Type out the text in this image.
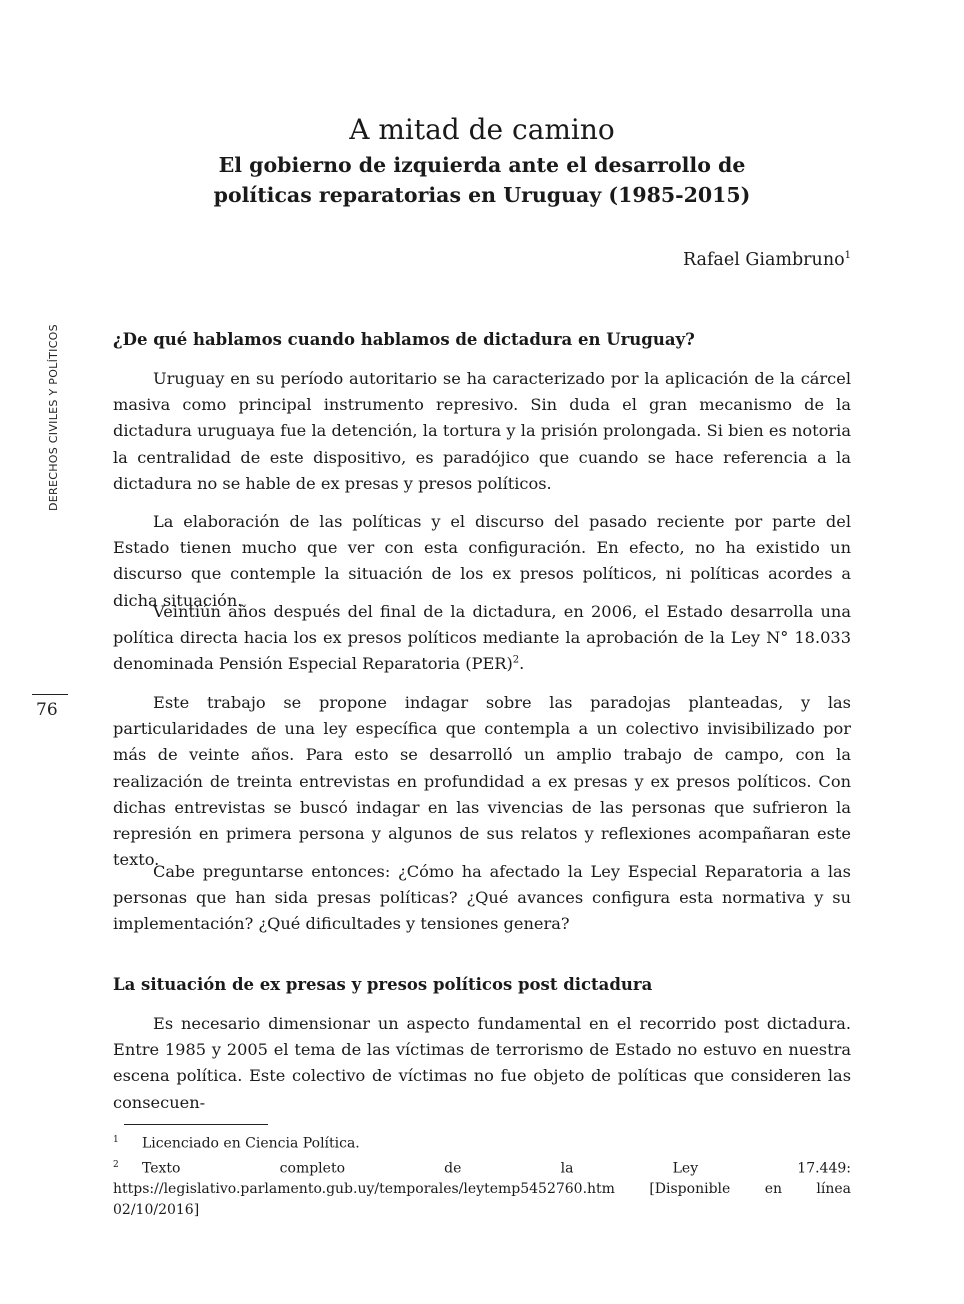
DERECHOS CIVILES Y POLÍTICOS
76
A mitad de camino
El gobierno de izquierda ante el desarrollo de
políticas reparatorias en Uruguay (1985-2015)
Rafael Giambruno$^1$

¿De qué hablamos cuando hablamos de dictadura en Uruguay?

Uruguay en su período autoritario se ha caracterizado por la aplicación de la cárcel masiva como principal instrumento represivo. Sin duda el gran mecanismo de la dictadura uruguaya fue la detención, la tortura y la prisión prolongada. Si bien es notoria la centralidad de este dispositivo, es paradójico que cuando se hace referencia a la dictadura no se hable de ex presas y presos políticos.

La elaboración de las políticas y el discurso del pasado reciente por parte del Estado tienen mucho que ver con esta configuración. En efecto, no ha existido un discurso que contemple la situación de los ex presos políticos, ni políticas acordes a dicha situación.

Veintiún años después del final de la dictadura, en 2006, el Estado desarrolla una política directa hacia los ex presos políticos mediante la aprobación de la Ley N° 18.033 denominada Pensión Especial Reparatoria (PER)$^2$.

Este trabajo se propone indagar sobre las paradojas planteadas, y las particularidades de una ley específica que contempla a un colectivo invisibilizado por más de veinte años. Para esto se desarrolló un amplio trabajo de campo, con la realización de treinta entrevistas en profundidad a ex presas y ex presos políticos. Con dichas entrevistas se buscó indagar en las vivencias de las personas que sufrieron la represión en primera persona y algunos de sus relatos y reflexiones acompañaran este texto.

Cabe preguntarse entonces: ¿Cómo ha afectado la Ley Especial Reparatoria a las personas que han sida presas políticas? ¿Qué avances configura esta normativa y su implementación? ¿Qué dificultades y tensiones genera?

La situación de ex presas y presos políticos post dictadura

Es necesario dimensionar un aspecto fundamental en el recorrido post dictadura. Entre 1985 y 2005 el tema de las víctimas de terrorismo de Estado no estuvo en nuestra escena política. Este colectivo de víctimas no fue objeto de políticas que consideren las consecuen-

1 Licenciado en Ciencia Política.

2 Texto completo de la Ley 17.449: https://legislativo.parlamento.gub.uy/temporales/leytemp5452760.htm [Disponible en línea 02/10/2016]
